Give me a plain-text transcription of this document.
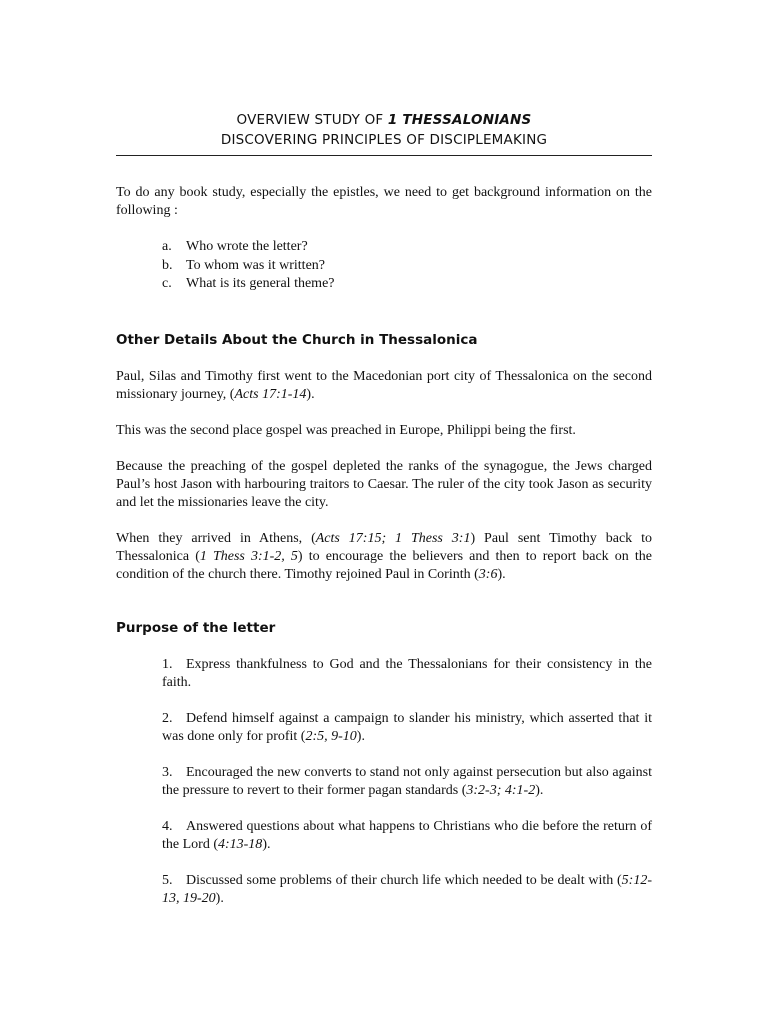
OVERVIEW STUDY OF 1 THESSALONIANS

DISCOVERING PRINCIPLES OF DISCIPLEMAKING

To do any book study, especially the epistles, we need to get background information on the following :

a.	Who wrote the letter?
b. To whom was it written?
c.	What is its general theme?
Other Details About the Church in Thessalonica

Paul, Silas and Timothy first went to the Macedonian port city of Thessalonica on the second missionary journey, (Acts 17:1-14).

This was the second place gospel was preached in Europe, Philippi being the first.

Because the preaching of the gospel depleted the ranks of the synagogue, the Jews charged Paul’s host Jason with harbouring traitors to Caesar. The ruler of the city took Jason as security and let the missionaries leave the city.

When they arrived in Athens, (Acts 17:15; 1 Thess 3:1) Paul sent Timothy back to Thessalonica (1 Thess 3:1-2, 5) to encourage the believers and then to report back on the condition of the church there. Timothy rejoined Paul in Corinth (3:6).

Purpose of the letter
1. Express thankfulness to God and the Thessalonians for their consistency in the faith.
2. Defend himself against a campaign to slander his ministry, which asserted that it was done only for profit (2:5, 9-10).
3. Encouraged the new converts to stand not only against persecution but also against the pressure to revert to their former pagan standards (3:2-3; 4:1-2).
4. Answered questions about what happens to Christians who die before the return of the Lord (4:13-18).
5. Discussed some problems of their church life which needed to be dealt with (5:12-13, 19-20).
